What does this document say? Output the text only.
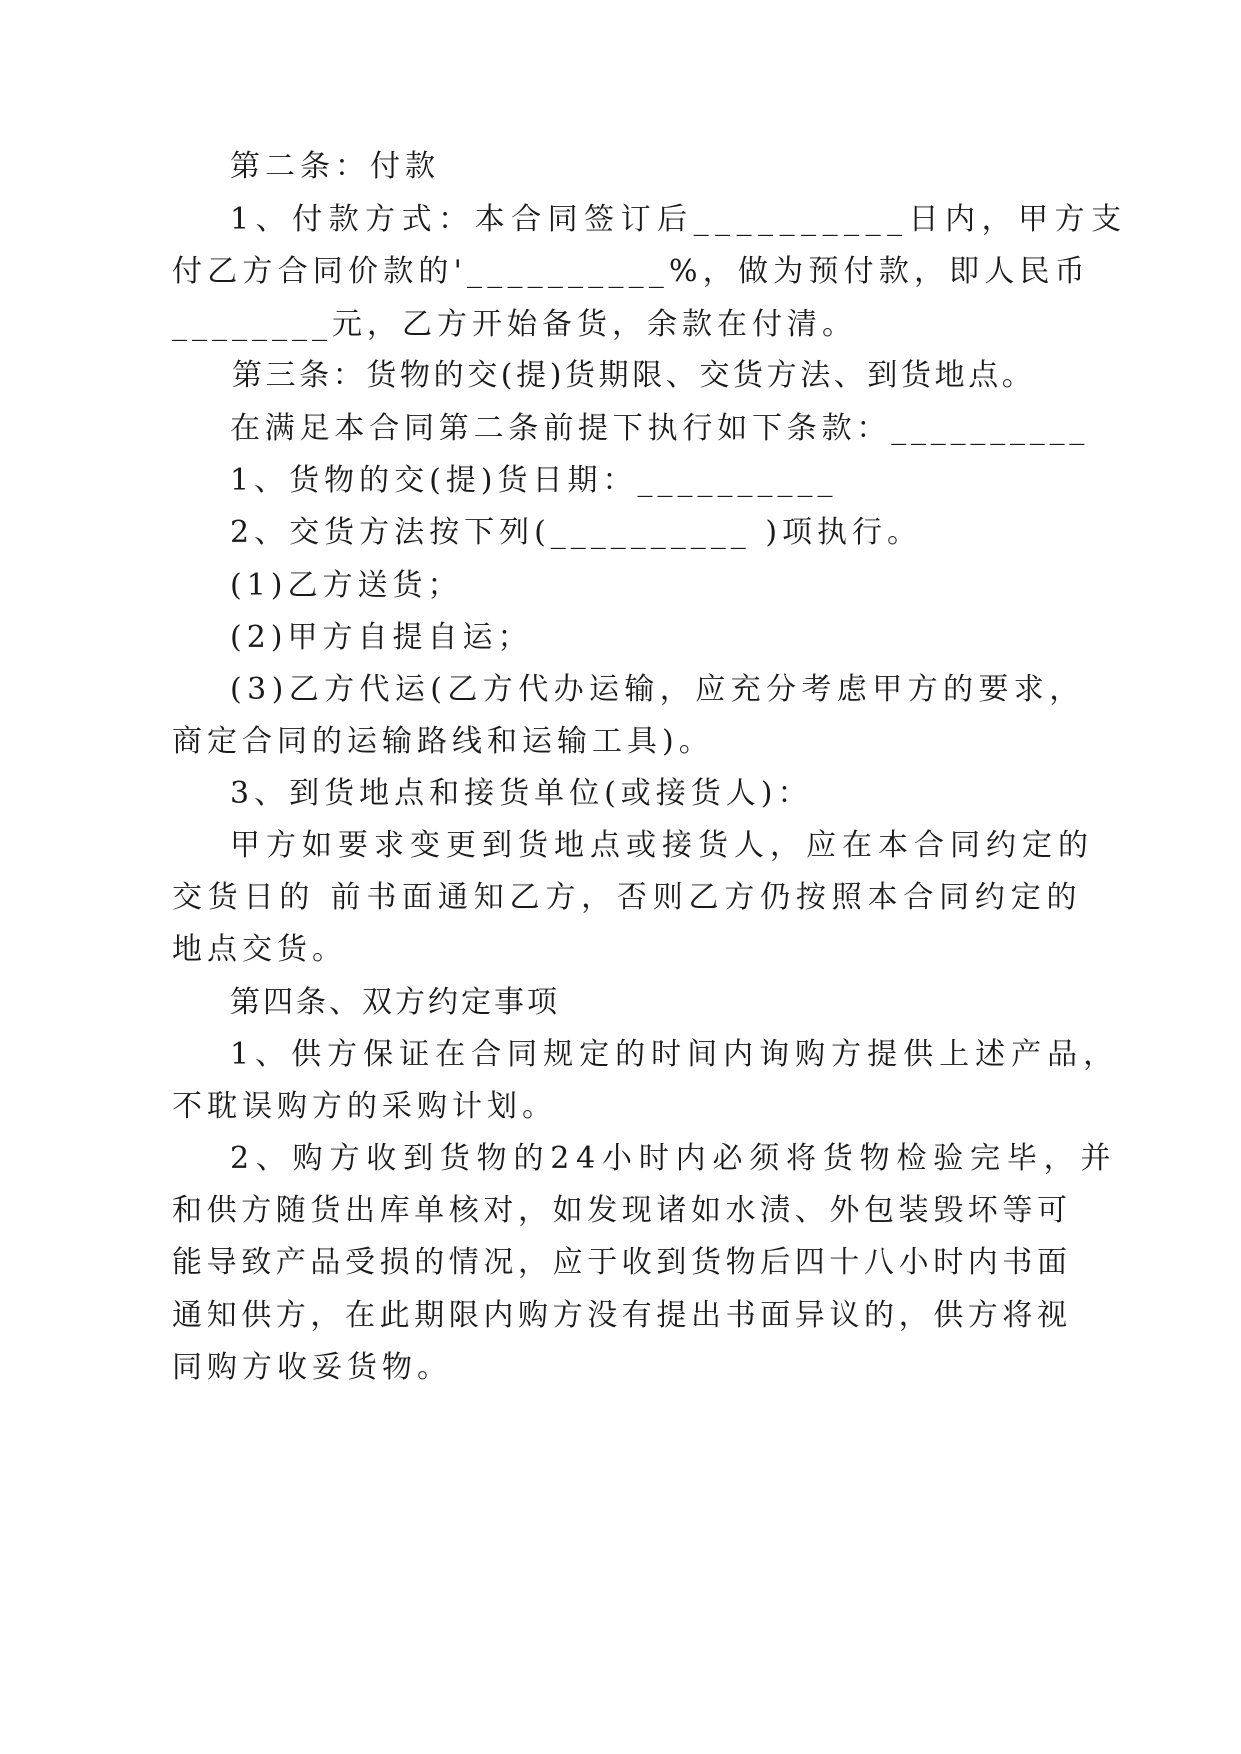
第二条：付款

1、付款方式：本合同签订后__________日内，甲方支

付乙方合同价款的'__________%，做为预付款，即人民币

________元，乙方开始备货，余款在付清。

第三条：货物的交(提)货期限、交货方法、到货地点。

在满足本合同第二条前提下执行如下条款：__________

1、货物的交(提)货日期：__________

2、交货方法按下列(__________ )项执行。

(1)乙方送货；

(2)甲方自提自运；

(3)乙方代运(乙方代办运输，应充分考虑甲方的要求，

商定合同的运输路线和运输工具)。

3、到货地点和接货单位(或接货人)：

甲方如要求变更到货地点或接货人，应在本合同约定的

交货日的 前书面通知乙方，否则乙方仍按照本合同约定的

地点交货。

第四条、双方约定事项

1、供方保证在合同规定的时间内询购方提供上述产品，

不耽误购方的采购计划。

2、购方收到货物的24小时内必须将货物检验完毕，并

和供方随货出库单核对，如发现诸如水渍、外包装毁坏等可

能导致产品受损的情况，应于收到货物后四十八小时内书面

通知供方，在此期限内购方没有提出书面异议的，供方将视

同购方收妥货物。
